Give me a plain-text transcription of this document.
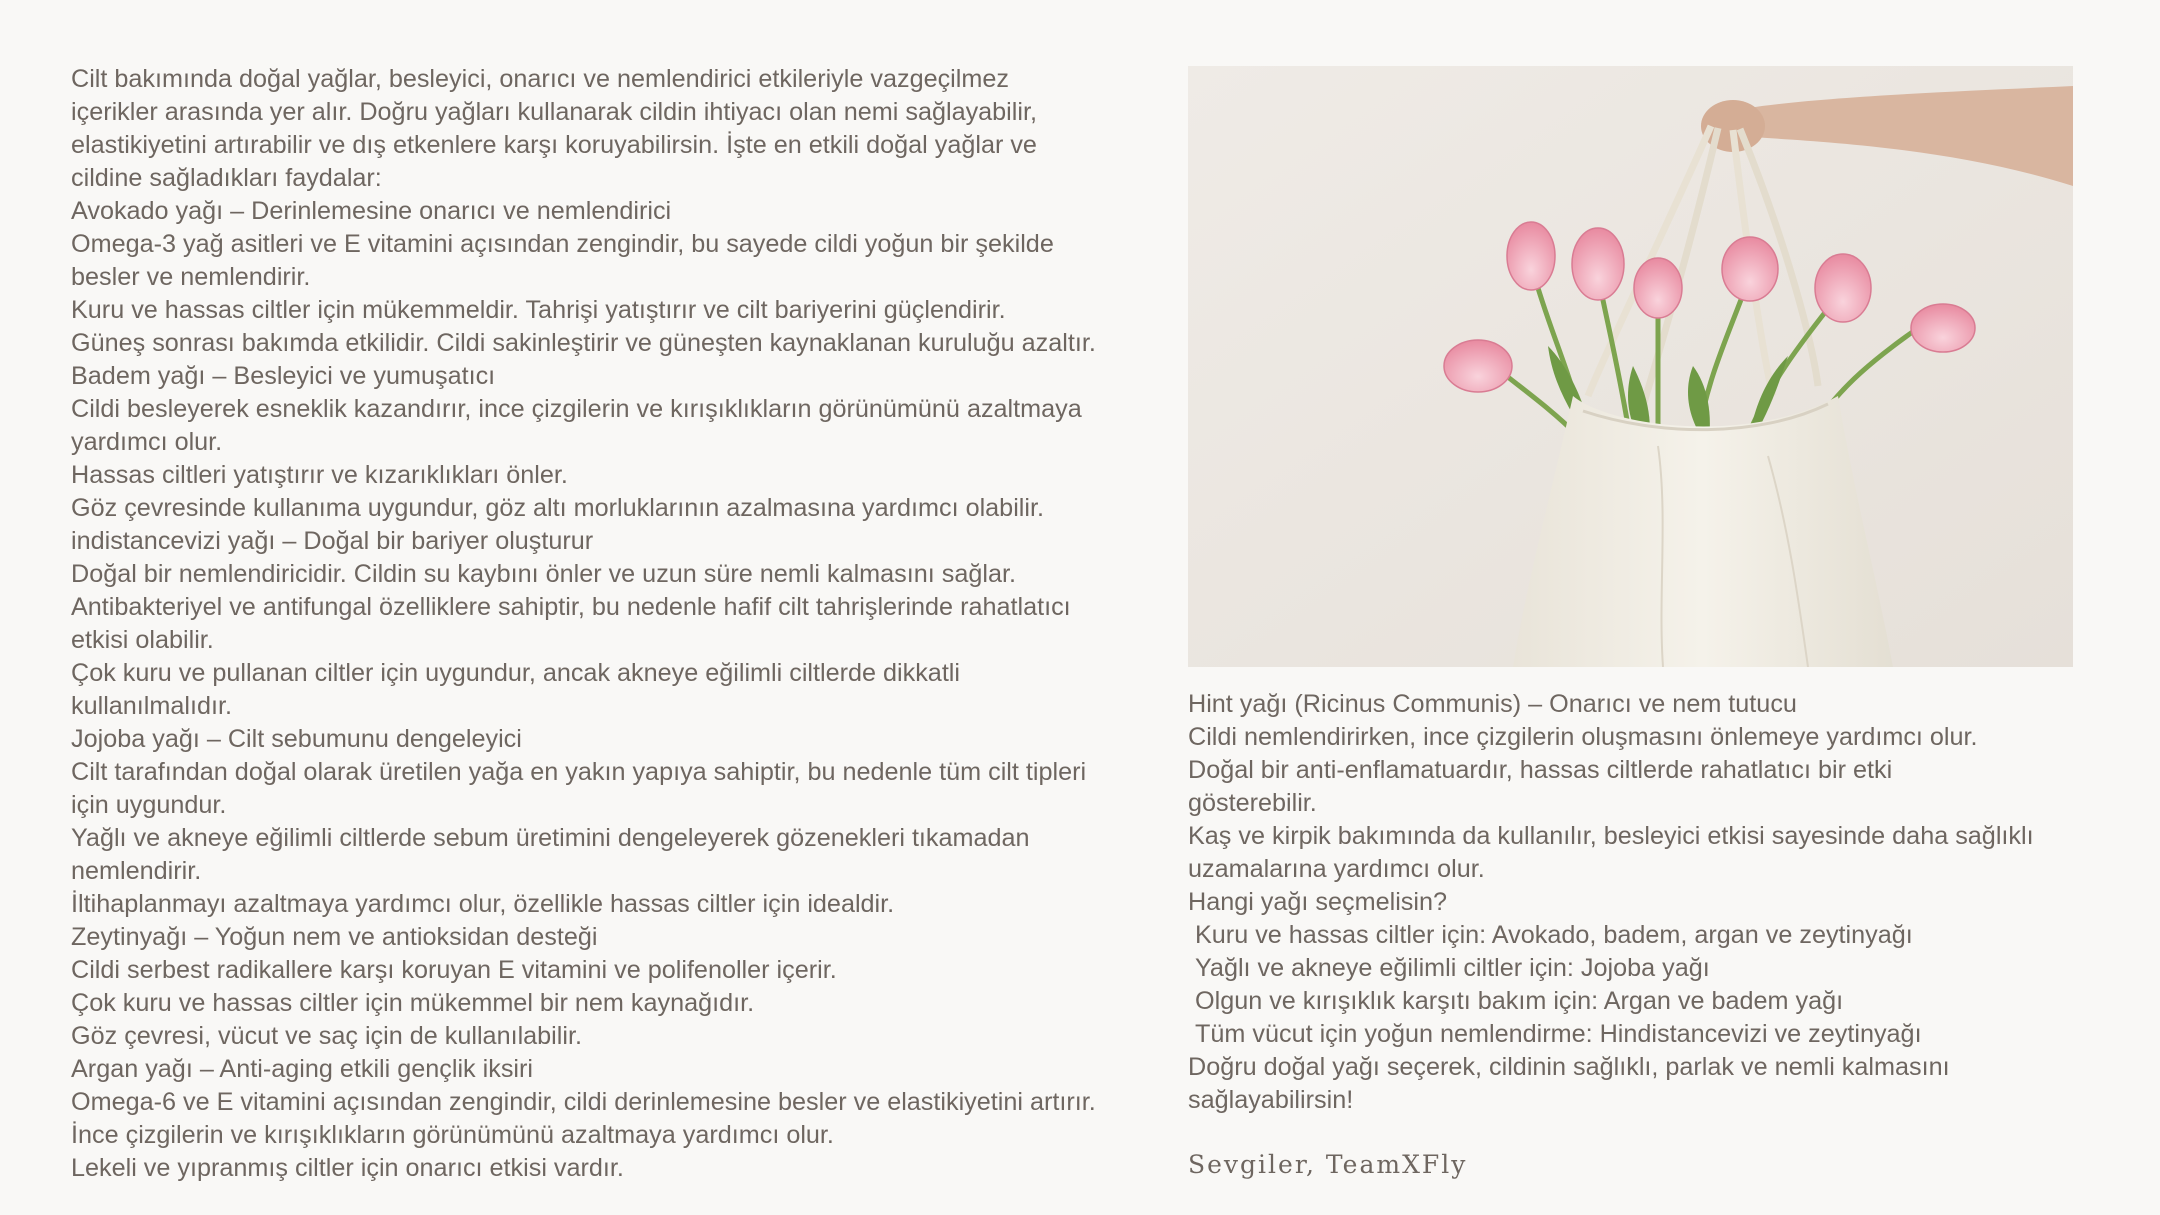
Cilt bakımında doğal yağlar, besleyici, onarıcı ve nemlendirici etkileriyle vazgeçilmez
içerikler arasında yer alır. Doğru yağları kullanarak cildin ihtiyacı olan nemi sağlayabilir,
elastikiyetini artırabilir ve dış etkenlere karşı koruyabilirsin. İşte en etkili doğal yağlar ve
cildine sağladıkları faydalar:
Avokado yağı – Derinlemesine onarıcı ve nemlendirici
Omega-3 yağ asitleri ve E vitamini açısından zengindir, bu sayede cildi yoğun bir şekilde
besler ve nemlendirir.
Kuru ve hassas ciltler için mükemmeldir. Tahrişi yatıştırır ve cilt bariyerini güçlendirir.
Güneş sonrası bakımda etkilidir. Cildi sakinleştirir ve güneşten kaynaklanan kuruluğu azaltır.
Badem yağı – Besleyici ve yumuşatıcı
Cildi besleyerek esneklik kazandırır, ince çizgilerin ve kırışıklıkların görünümünü azaltmaya
yardımcı olur.
Hassas ciltleri yatıştırır ve kızarıklıkları önler.
Göz çevresinde kullanıma uygundur, göz altı morluklarının azalmasına yardımcı olabilir.
indistancevizi yağı – Doğal bir bariyer oluşturur
Doğal bir nemlendiricidir. Cildin su kaybını önler ve uzun süre nemli kalmasını sağlar.
Antibakteriyel ve antifungal özelliklere sahiptir, bu nedenle hafif cilt tahrişlerinde rahatlatıcı
etkisi olabilir.
Çok kuru ve pullanan ciltler için uygundur, ancak akneye eğilimli ciltlerde dikkatli
kullanılmalıdır.
Jojoba yağı – Cilt sebumunu dengeleyici
Cilt tarafından doğal olarak üretilen yağa en yakın yapıya sahiptir, bu nedenle tüm cilt tipleri
için uygundur.
Yağlı ve akneye eğilimli ciltlerde sebum üretimini dengeleyerek gözenekleri tıkamadan
nemlendirir.
İltihaplanmayı azaltmaya yardımcı olur, özellikle hassas ciltler için idealdir.
Zeytinyağı – Yoğun nem ve antioksidan desteği
Cildi serbest radikallere karşı koruyan E vitamini ve polifenoller içerir.
Çok kuru ve hassas ciltler için mükemmel bir nem kaynağıdır.
Göz çevresi, vücut ve saç için de kullanılabilir.
Argan yağı – Anti-aging etkili gençlik iksiri
Omega-6 ve E vitamini açısından zengindir, cildi derinlemesine besler ve elastikiyetini artırır.
İnce çizgilerin ve kırışıklıkların görünümünü azaltmaya yardımcı olur.
Lekeli ve yıpranmış ciltler için onarıcı etkisi vardır.
Hint yağı (Ricinus Communis) – Onarıcı ve nem tutucu
Cildi nemlendirirken, ince çizgilerin oluşmasını önlemeye yardımcı olur.
Doğal bir anti-enflamatuardır, hassas ciltlerde rahatlatıcı bir etki
gösterebilir.
Kaş ve kirpik bakımında da kullanılır, besleyici etkisi sayesinde daha sağlıklı
uzamalarına yardımcı olur.
Hangi yağı seçmelisin?
Kuru ve hassas ciltler için: Avokado, badem, argan ve zeytinyağı
Yağlı ve akneye eğilimli ciltler için: Jojoba yağı
Olgun ve kırışıklık karşıtı bakım için: Argan ve badem yağı
Tüm vücut için yoğun nemlendirme: Hindistancevizi ve zeytinyağı
Doğru doğal yağı seçerek, cildinin sağlıklı, parlak ve nemli kalmasını
sağlayabilirsin!
Sevgiler, TeamXFly
